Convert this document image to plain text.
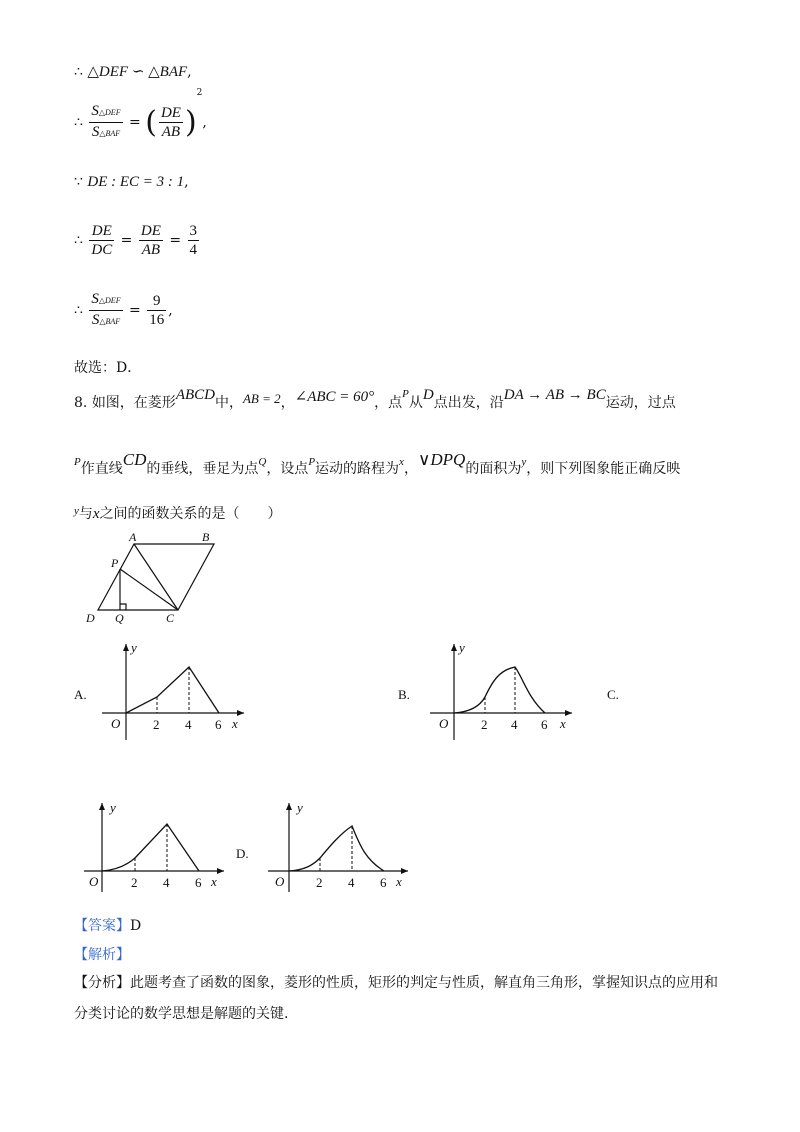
∴ △DEF ∽ △BAF,
∴ $\frac{\text{S△DEF}}{\text{S△BAF}}$ = ( $\frac{DE}{AB} )^2$,
∵ DE : EC = 3 : 1,
∴ $\frac{DE}{DC} = \frac{DE}{AB} = \frac{3}{4}$
∴ $\frac{\text{S△DEF}}{\text{S△BAF}} = \frac{9}{16}$ ,
故选：D．
8. 如图，在菱形ABCD中，AB = 2，∠ABC = 60°，点$^P$从D点出发，沿DA → AB → BC运动，过点
$^P$作直线CD的垂线，垂足为点$^Q$，设点$^P$运动的路程为$^x$，∨DPQ的面积为$^y$，则下列图象能正确反映
$^y$与x之间的函数关系的是（　　）
A	B
P
D Q	C
A.
y
x
O	2 4 6
B.
y
x
O	2 4 6
C.
y
x
O	2 4 6
y
x
O 2 4 6
D.
【答案】D
【解析】
【分析】此题考查了函数的图象，菱形的性质，矩形的判定与性质，解直角三角形，掌握知识点的应用和
分类讨论的数学思想是解题的关键.
